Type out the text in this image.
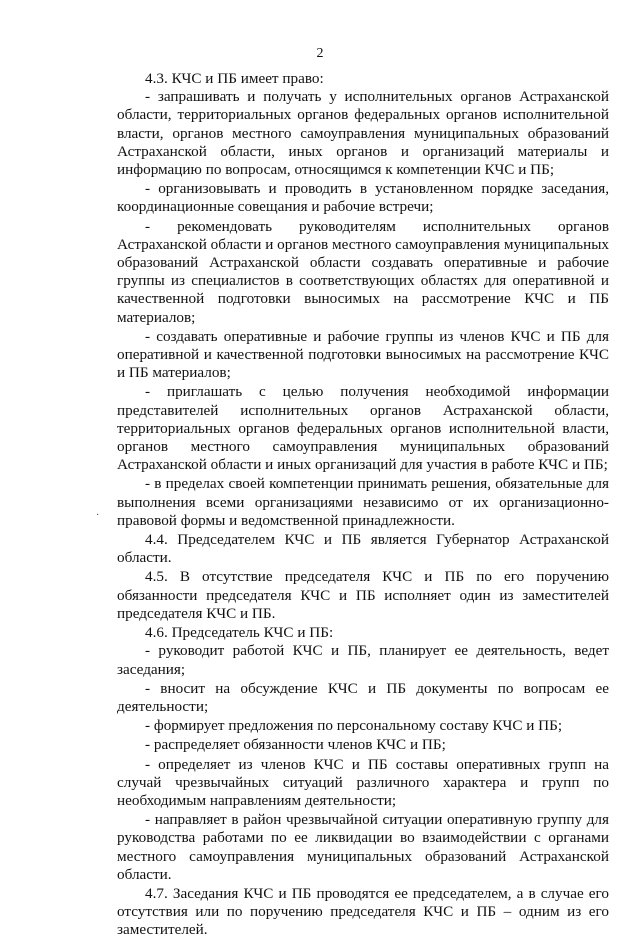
2
·

4.3. КЧС и ПБ имеет право:

- запрашивать и получать у исполнительных органов Астраханской области, территориальных органов федеральных органов исполнительной власти, органов местного самоуправления муниципальных образований Астраханской области, иных органов и организаций материалы и информацию по вопросам, относящимся к компетенции КЧС и ПБ;

- организовывать и проводить в установленном порядке заседания, координационные совещания и рабочие встречи;

- рекомендовать руководителям исполнительных органов Астраханской области и органов местного самоуправления муниципальных образований Астраханской области создавать оперативные и рабочие группы из специалистов в соответствующих областях для оперативной и качественной подготовки выносимых на рассмотрение КЧС и ПБ материалов;

- создавать оперативные и рабочие группы из членов КЧС и ПБ для оперативной и качественной подготовки выносимых на рассмотрение КЧС и ПБ материалов;

- приглашать с целью получения необходимой информации представителей исполнительных органов Астраханской области, территориальных органов федеральных органов исполнительной власти, органов местного самоуправления муниципальных образований Астраханской области и иных организаций для участия в работе КЧС и ПБ;

- в пределах своей компетенции принимать решения, обязательные для выполнения всеми организациями независимо от их организационно-правовой формы и ведомственной принадлежности.

4.4. Председателем КЧС и ПБ является Губернатор Астраханской области.

4.5. В отсутствие председателя КЧС и ПБ по его поручению обязанности председателя КЧС и ПБ исполняет один из заместителей председателя КЧС и ПБ.

4.6. Председатель КЧС и ПБ:

- руководит работой КЧС и ПБ, планирует ее деятельность, ведет заседания;

- вносит на обсуждение КЧС и ПБ документы по вопросам ее деятельности;

- формирует предложения по персональному составу КЧС и ПБ;

- распределяет обязанности членов КЧС и ПБ;

- определяет из членов КЧС и ПБ составы оперативных групп на случай чрезвычайных ситуаций различного характера и групп по необходимым направлениям деятельности;

- направляет в район чрезвычайной ситуации оперативную группу для руководства работами по ее ликвидации во взаимодействии с органами местного самоуправления муниципальных образований Астраханской области.

4.7. Заседания КЧС и ПБ проводятся ее председателем, а в случае его отсутствия или по поручению председателя КЧС и ПБ – одним из его заместителей.
